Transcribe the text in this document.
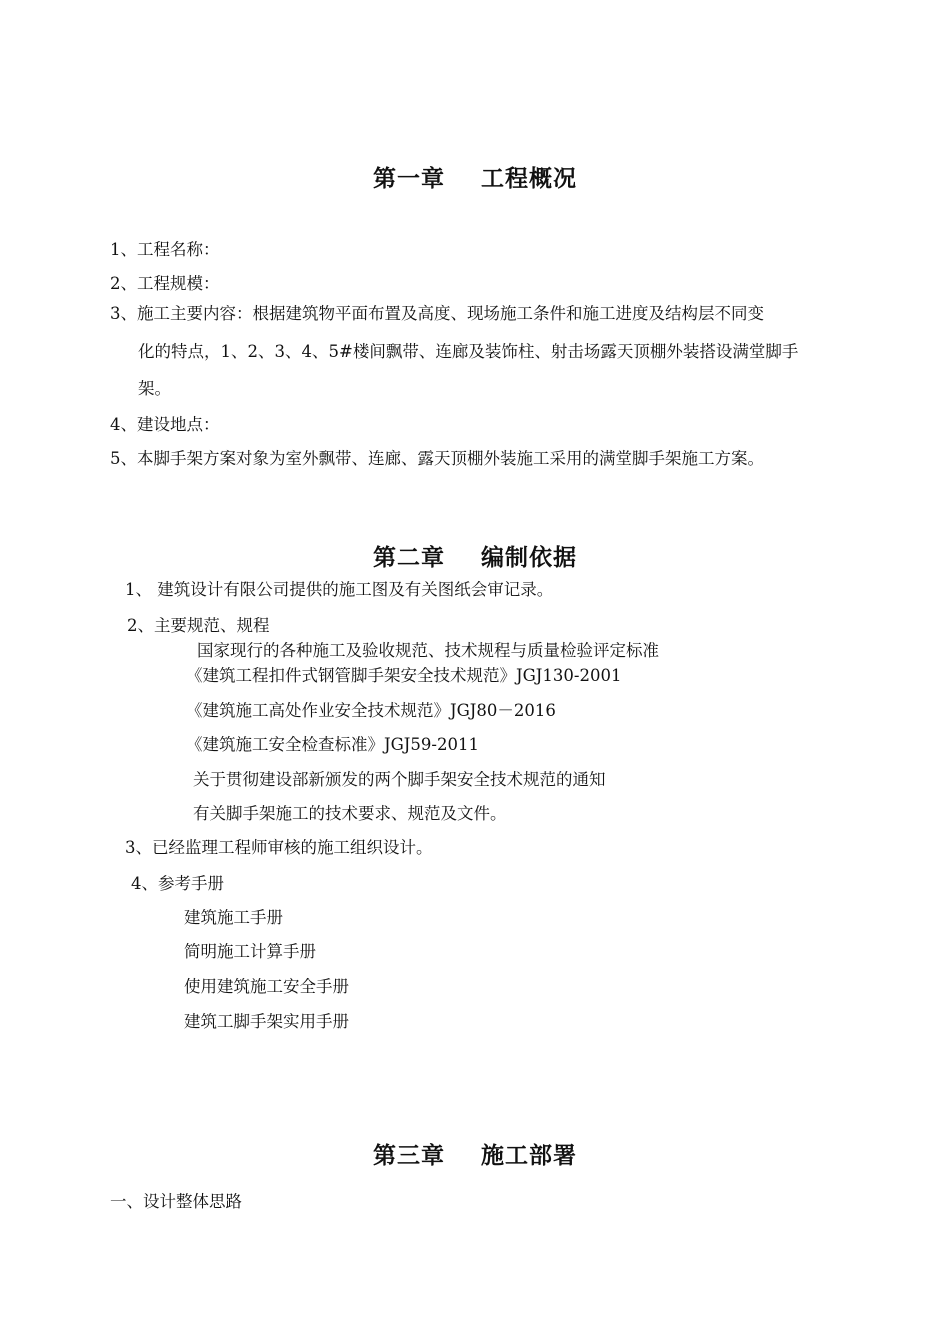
第一章    工程概况
1、工程名称：
2、工程规模：
3、施工主要内容：根据建筑物平面布置及高度、现场施工条件和施工进度及结构层不同变
化的特点，1、2、3、4、5#楼间飘带、连廊及装饰柱、射击场露天顶棚外装搭设满堂脚手
架。
4、建设地点：
5、本脚手架方案对象为室外飘带、连廊、露天顶棚外装施工采用的满堂脚手架施工方案。
第二章    编制依据
1、 建筑设计有限公司提供的施工图及有关图纸会审记录。
2、主要规范、规程
国家现行的各种施工及验收规范、技术规程与质量检验评定标准
《建筑工程扣件式钢管脚手架安全技术规范》JGJ130-2001
《建筑施工高处作业安全技术规范》JGJ80－2016
《建筑施工安全检查标准》JGJ59-2011
关于贯彻建设部新颁发的两个脚手架安全技术规范的通知
有关脚手架施工的技术要求、规范及文件。
3、已经监理工程师审核的施工组织设计。
4、参考手册
建筑施工手册
简明施工计算手册
使用建筑施工安全手册
建筑工脚手架实用手册
第三章    施工部署
一、设计整体思路
